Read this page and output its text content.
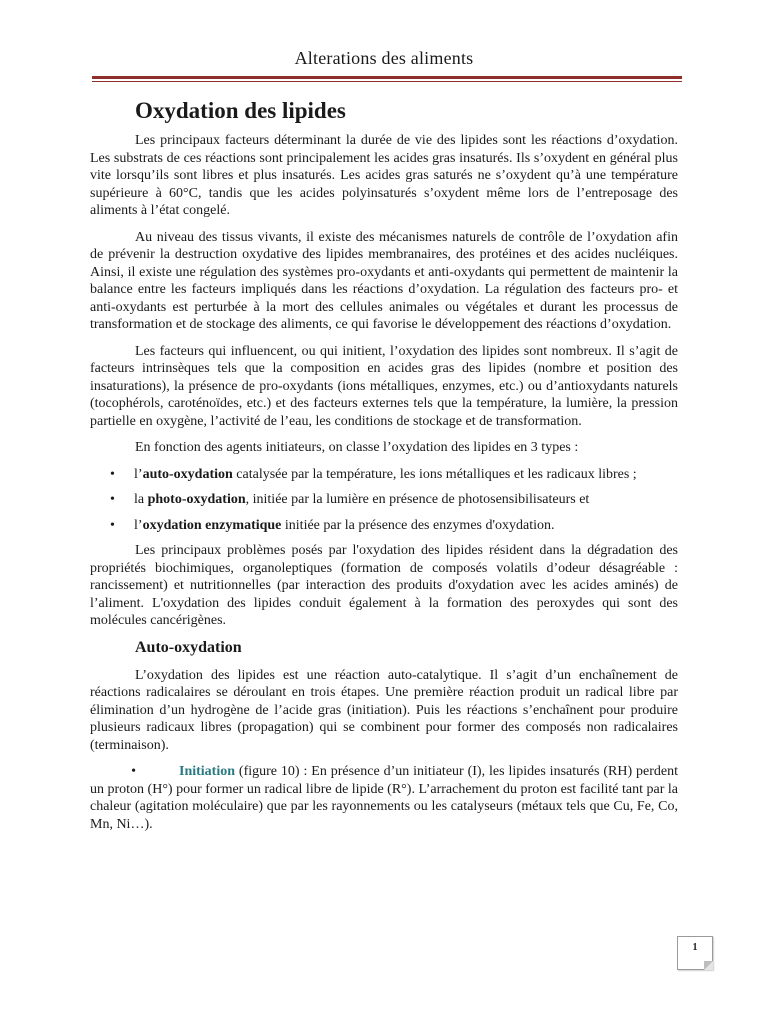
Alterations des aliments
Oxydation des lipides

Les principaux facteurs déterminant la durée de vie des lipides sont les réactions d’oxydation. Les substrats de ces réactions sont principalement les acides gras insaturés. Ils s’oxydent en général plus vite lorsqu’ils sont libres et plus insaturés. Les acides gras saturés ne s’oxydent qu’à une température supérieure à 60°C, tandis que les acides polyinsaturés s’oxydent même lors de l’entreposage des aliments à l’état congelé.

Au niveau des tissus vivants, il existe des mécanismes naturels de contrôle de l’oxydation afin de prévenir la destruction oxydative des lipides membranaires, des protéines et des acides nucléiques. Ainsi, il existe une régulation des systèmes pro-oxydants et anti-oxydants qui permettent de maintenir la balance entre les facteurs impliqués dans les réactions d’oxydation. La régulation des facteurs pro- et anti-oxydants est perturbée à la mort des cellules animales ou végétales et durant les processus de transformation et de stockage des aliments, ce qui favorise le développement des réactions d’oxydation.

Les facteurs qui influencent, ou qui initient, l’oxydation des lipides sont nombreux. Il s’agit de facteurs intrinsèques tels que la composition en acides gras des lipides (nombre et position des insaturations), la présence de pro-oxydants (ions métalliques, enzymes, etc.) ou d’antioxydants naturels (tocophérols, caroténoïdes, etc.) et des facteurs externes tels que la température, la lumière, la pression partielle en oxygène, l’activité de l’eau, les conditions de stockage et de transformation.

En fonction des agents initiateurs, on classe l’oxydation des lipides en 3 types :

• l’auto-oxydation catalysée par la température, les ions métalliques et les radicaux libres ;
• la photo-oxydation, initiée par la lumière en présence de photosensibilisateurs et
• l’oxydation enzymatique initiée par la présence des enzymes d'oxydation.

Les principaux problèmes posés par l'oxydation des lipides résident dans la dégradation des propriétés biochimiques, organoleptiques (formation de composés volatils d’odeur désagréable : rancissement) et nutritionnelles (par interaction des produits d'oxydation avec les acides aminés) de l’aliment. L'oxydation des lipides conduit également à la formation des peroxydes qui sont des molécules cancérigènes.

Auto-oxydation

L’oxydation des lipides est une réaction auto-catalytique. Il s’agit d’un enchaînement de réactions radicalaires se déroulant en trois étapes. Une première réaction produit un radical libre par élimination d’un hydrogène de l’acide gras (initiation). Puis les réactions s’enchaînent pour produire plusieurs radicaux libres (propagation) qui se combinent pour former des composés non radicalaires (terminaison).

•	Initiation (figure 10) : En présence d’un initiateur (I), les lipides insaturés (RH) perdent un proton (H°) pour former un radical libre de lipide (R°). L’arrachement du proton est facilité tant par la chaleur (agitation moléculaire) que par les rayonnements ou les catalyseurs (métaux tels que Cu, Fe, Co, Mn, Ni…).

1
